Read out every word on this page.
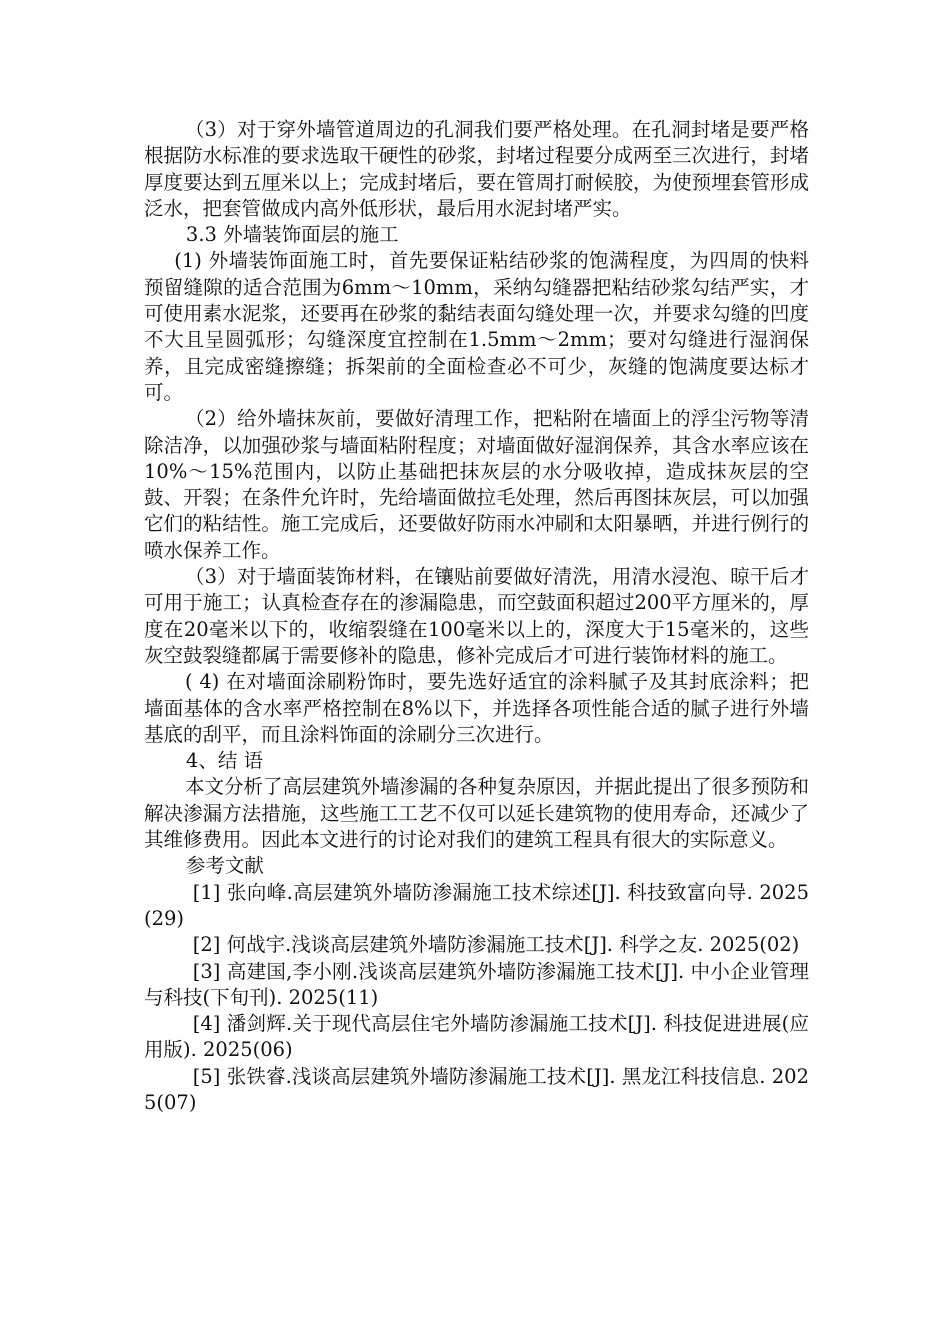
（3）对于穿外墙管道周边的孔洞我们要严格处理。在孔洞封堵是要严格根据防水标准的要求选取干硬性的砂浆，封堵过程要分成两至三次进行，封堵厚度要达到五厘米以上；完成封堵后，要在管周打耐候胶，为使预埋套管形成泛水，把套管做成内高外低形状，最后用水泥封堵严实。

3.3 外墙装饰面层的施工

(1) 外墙装饰面施工时，首先要保证粘结砂浆的饱满程度，为四周的快料预留缝隙的适合范围为6mm～10mm，采纳勾缝器把粘结砂浆勾结严实，才可使用素水泥浆，还要再在砂浆的黏结表面勾缝处理一次，并要求勾缝的凹度不大且呈圆弧形；勾缝深度宜控制在1.5mm～2mm；要对勾缝进行湿润保养，且完成密缝擦缝；拆架前的全面检查必不可少，灰缝的饱满度要达标才可。

（2）给外墙抹灰前，要做好清理工作，把粘附在墙面上的浮尘污物等清除洁净，以加强砂浆与墙面粘附程度；对墙面做好湿润保养，其含水率应该在10%～15%范围内，以防止基础把抹灰层的水分吸收掉，造成抹灰层的空鼓、开裂；在条件允许时，先给墙面做拉毛处理，然后再图抹灰层，可以加强它们的粘结性。施工完成后，还要做好防雨水冲刷和太阳暴晒，并进行例行的喷水保养工作。

（3）对于墙面装饰材料，在镶贴前要做好清洗，用清水浸泡、晾干后才可用于施工；认真检查存在的渗漏隐患，而空鼓面积超过200平方厘米的，厚度在20毫米以下的，收缩裂缝在100毫米以上的，深度大于15毫米的，这些灰空鼓裂缝都属于需要修补的隐患，修补完成后才可进行装饰材料的施工。

( 4) 在对墙面涂刷粉饰时，要先选好适宜的涂料腻子及其封底涂料；把墙面基体的含水率严格控制在8%以下，并选择各项性能合适的腻子进行外墙基底的刮平，而且涂料饰面的涂刷分三次进行。

4、结 语

本文分析了高层建筑外墙渗漏的各种复杂原因，并据此提出了很多预防和解决渗漏方法措施，这些施工工艺不仅可以延长建筑物的使用寿命，还减少了其维修费用。因此本文进行的讨论对我们的建筑工程具有很大的实际意义。

参考文献

[1] 张向峰.高层建筑外墙防渗漏施工技术综述[J]. 科技致富向导. 2025(29)

[2] 何战宇.浅谈高层建筑外墙防渗漏施工技术[J]. 科学之友. 2025(02)

[3] 高建国,李小刚.浅谈高层建筑外墙防渗漏施工技术[J]. 中小企业管理与科技(下旬刊). 2025(11)

[4] 潘剑辉.关于现代高层住宅外墙防渗漏施工技术[J]. 科技促进进展(应用版). 2025(06)

[5] 张铁睿.浅谈高层建筑外墙防渗漏施工技术[J]. 黑龙江科技信息. 2025(07)
